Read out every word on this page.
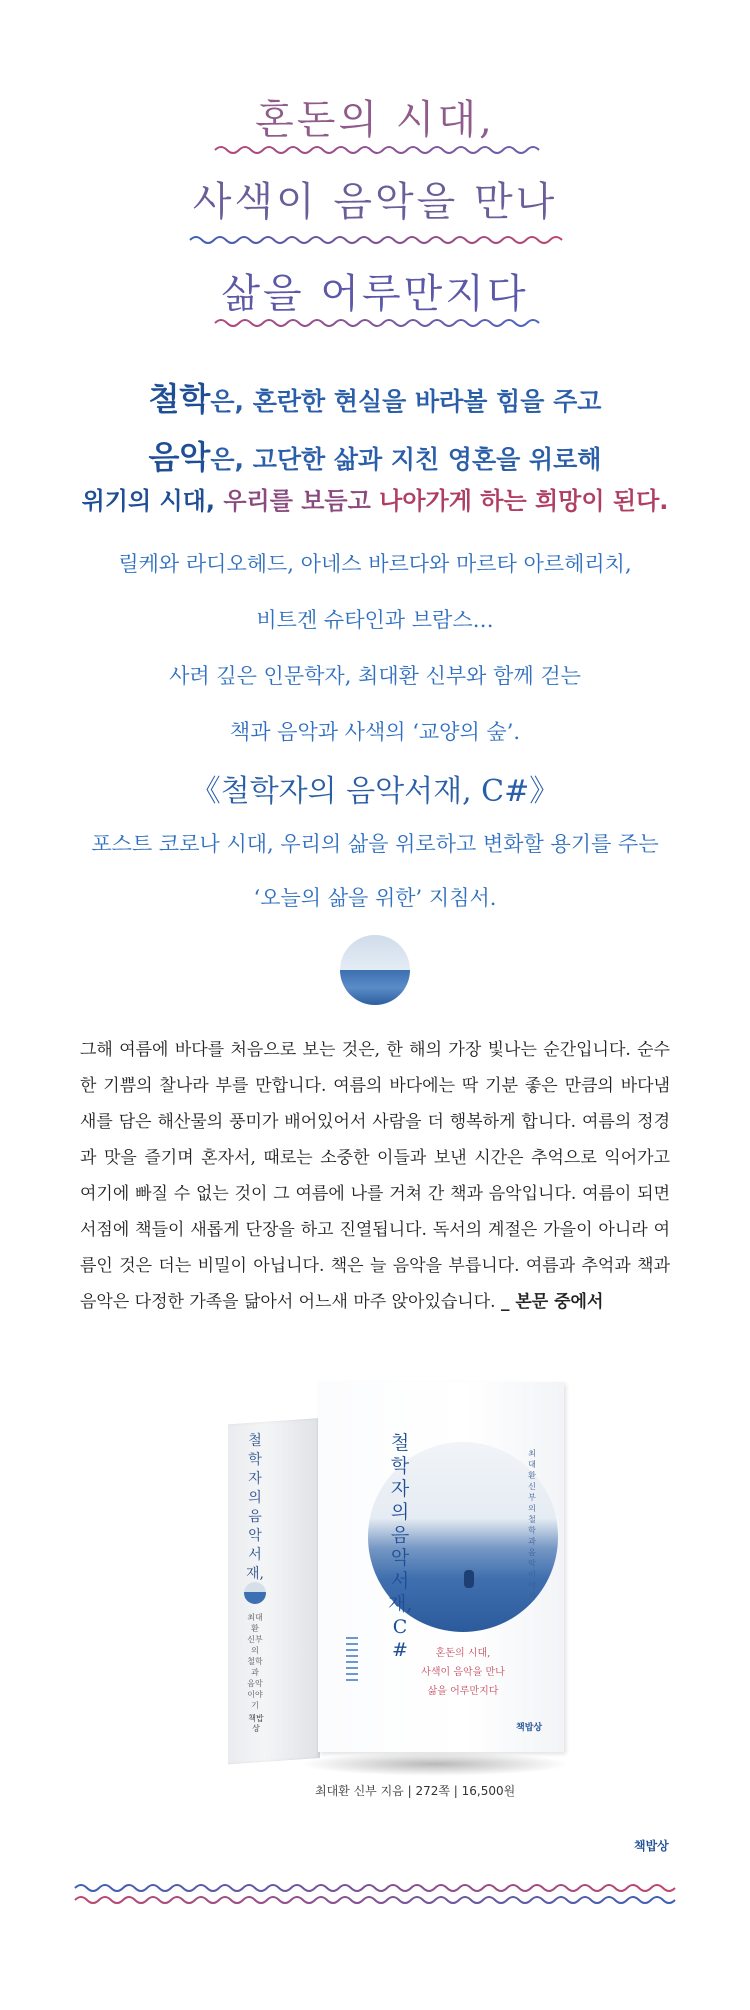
혼돈의 시대,
사색이 음악을 만나
삶을 어루만지다
철학은, 혼란한 현실을 바라볼 힘을 주고
음악은, 고단한 삶과 지친 영혼을 위로해
위기의 시대, 우리를 보듬고 나아가게 하는 희망이 된다.
릴케와 라디오헤드, 아네스 바르다와 마르타 아르헤리치,
비트겐 슈타인과 브람스…
사려 깊은 인문학자, 최대환 신부와 함께 걷는
책과 음악과 사색의 ‘교양의 숲’.
《철학자의 음악서재, C#》
포스트 코로나 시대, 우리의 삶을 위로하고 변화할 용기를 주는
‘오늘의 삶을 위한’ 지침서.
그해 여름에 바다를 처음으로 보는 것은, 한 해의 가장 빛나는 순간입니다. 순수한 기쁨의 찰나라 부를 만합니다. 여름의 바다에는 딱 기분 좋은 만큼의 바다냄새를 담은 해산물의 풍미가 배어있어서 사람을 더 행복하게 합니다. 여름의 정경과 맛을 즐기며 혼자서, 때로는 소중한 이들과 보낸 시간은 추억으로 익어가고 여기에 빠질 수 없는 것이 그 여름에 나를 거쳐 간 책과 음악입니다. 여름이 되면 서점에 책들이 새롭게 단장을 하고 진열됩니다. 독서의 계절은 가을이 아니라 여름인 것은 더는 비밀이 아닙니다. 책은 늘 음악을 부릅니다. 여름과 추억과 책과 음악은 다정한 가족을 닮아서 어느새 마주 앉아있습니다. _ 본문 중에서
철학자의 음악서재,
최대환 신부의 철학과 음악 이야기
책밥상
철학자의 음악서재, C#
최대환 신부의 철학과 음악 이야기
혼돈의 시대,
사색이 음악을 만나
삶을 어루만지다
책밥상
최대환 신부 지음 | 272쪽 | 16,500원
책밥상
